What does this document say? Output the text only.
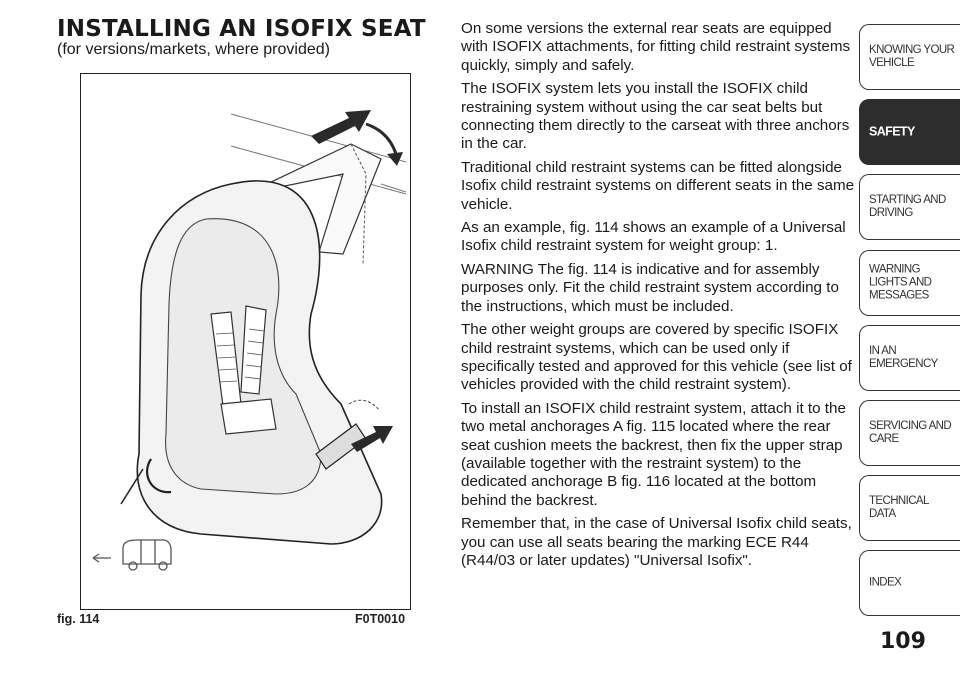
INSTALLING AN ISOFIX SEAT
(for versions/markets, where provided)
fig. 114	F0T0010

On some versions the external rear seats are equipped with ISOFIX attachments, for fitting child restraint systems quickly, simply and safely.

The ISOFIX system lets you install the ISOFIX child restraining system without using the car seat belts but connecting them directly to the carseat with three anchors in the car.

Traditional child restraint systems can be fitted alongside Isofix child restraint systems on different seats in the same vehicle.

As an example, fig. 114 shows an example of a Universal Isofix child restraint system for weight group: 1.

WARNING The fig. 114 is indicative and for assembly purposes only. Fit the child restraint system according to the instructions, which must be included.

The other weight groups are covered by specific ISOFIX child restraint systems, which can be used only if specifically tested and approved for this vehicle (see list of vehicles provided with the child restraint system).

To install an ISOFIX child restraint system, attach it to the two metal anchorages A fig. 115 located where the rear seat cushion meets the backrest, then fix the upper strap (available together with the restraint system) to the dedicated anchorage B fig. 116 located at the bottom behind the backrest.

Remember that, in the case of Universal Isofix child seats, you can use all seats bearing the marking ECE R44 (R44/03 or later updates) "Universal Isofix".

KNOWING YOUR VEHICLE
SAFETY
STARTING AND DRIVING
WARNING LIGHTS AND MESSAGES
IN AN EMERGENCY
SERVICING AND CARE
TECHNICAL DATA
INDEX
109
